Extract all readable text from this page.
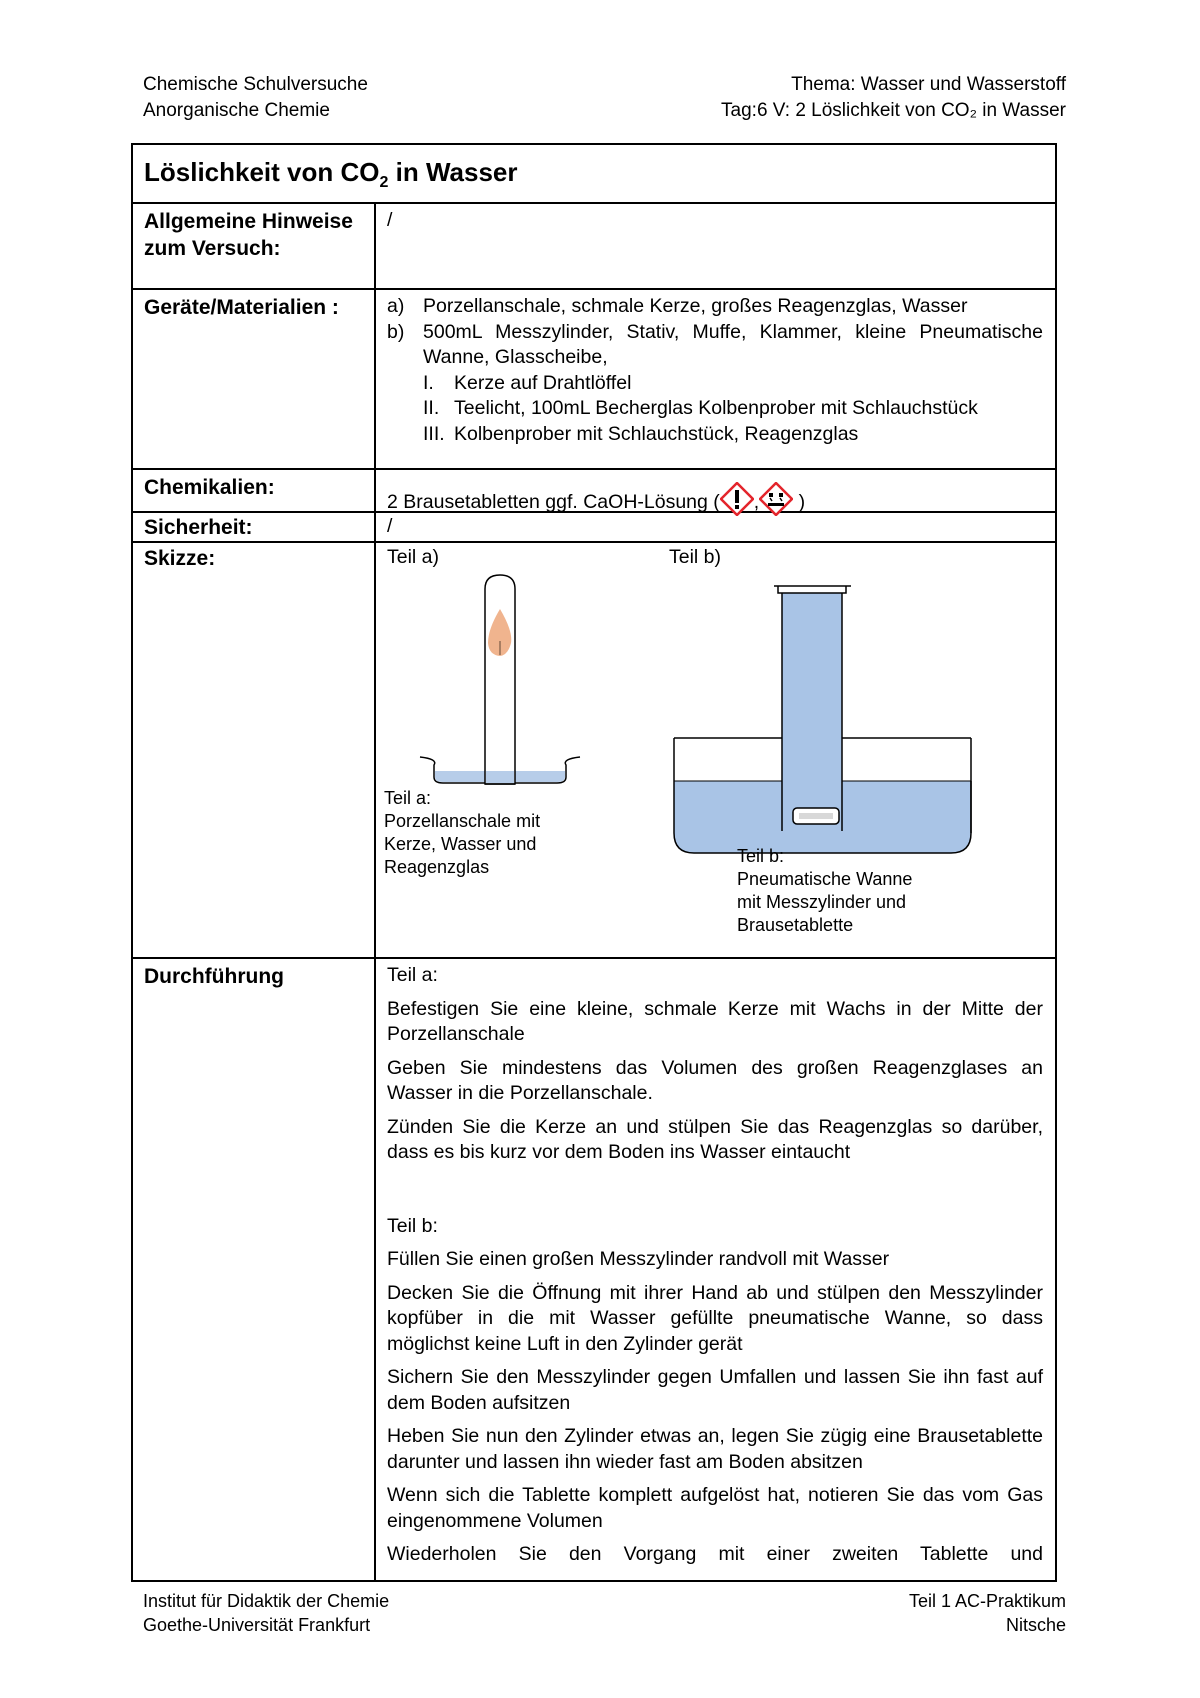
Chemische Schulversuche
Anorganische Chemie
Thema: Wasser und Wasserstoff
Tag:6 V: 2 Löslichkeit von CO₂ in Wasser
Löslichkeit von $CO_2$ in Wasser
Allgemeine Hinweise zum Versuch:
/
Geräte/Materialien :	a) Porzellanschale, schmale Kerze, großes Reagenzglas, Wasser
b) 500mL Messzylinder, Stativ, Muffe, Klammer, kleine Pneumatische Wanne, Glasscheibe,
I. Kerze auf Drahtlöffel
II. Teelicht, 100mL Becherglas Kolbenprober mit Schlauchstück
III. Kolbenprober mit Schlauchstück, Reagenzglas
Chemikalien:
2 Brausetabletten ggf. CaOH-Lösung ( , )
Sicherheit:	/
Skizze:	Teil a)	Teil b)
Teil a:
Porzellanschale mit
Kerze, Wasser und
Reagenzglas
Teil b:
Pneumatische Wanne
mit Messzylinder und
Brausetablette
Durchführung	Teil a:

Befestigen Sie eine kleine, schmale Kerze mit Wachs in der Mitte der Porzellanschale

Geben Sie mindestens das Volumen des großen Reagenzglases an Wasser in die Porzellanschale.

Zünden Sie die Kerze an und stülpen Sie das Reagenzglas so darüber, dass es bis kurz vor dem Boden ins Wasser eintaucht

Teil b:

Füllen Sie einen großen Messzylinder randvoll mit Wasser

Decken Sie die Öffnung mit ihrer Hand ab und stülpen den Messzylinder kopfüber in die mit Wasser gefüllte pneumatische Wanne, so dass möglichst keine Luft in den Zylinder gerät

Sichern Sie den Messzylinder gegen Umfallen und lassen Sie ihn fast auf dem Boden aufsitzen

Heben Sie nun den Zylinder etwas an, legen Sie zügig eine Brausetablette darunter und lassen ihn wieder fast am Boden absitzen

Wenn sich die Tablette komplett aufgelöst hat, notieren Sie das vom Gas eingenommene Volumen

Wiederholen Sie den Vorgang mit einer zweiten Tablette und

Institut für Didaktik der Chemie
Goethe-Universität Frankfurt
Teil 1 AC-Praktikum
Nitsche
